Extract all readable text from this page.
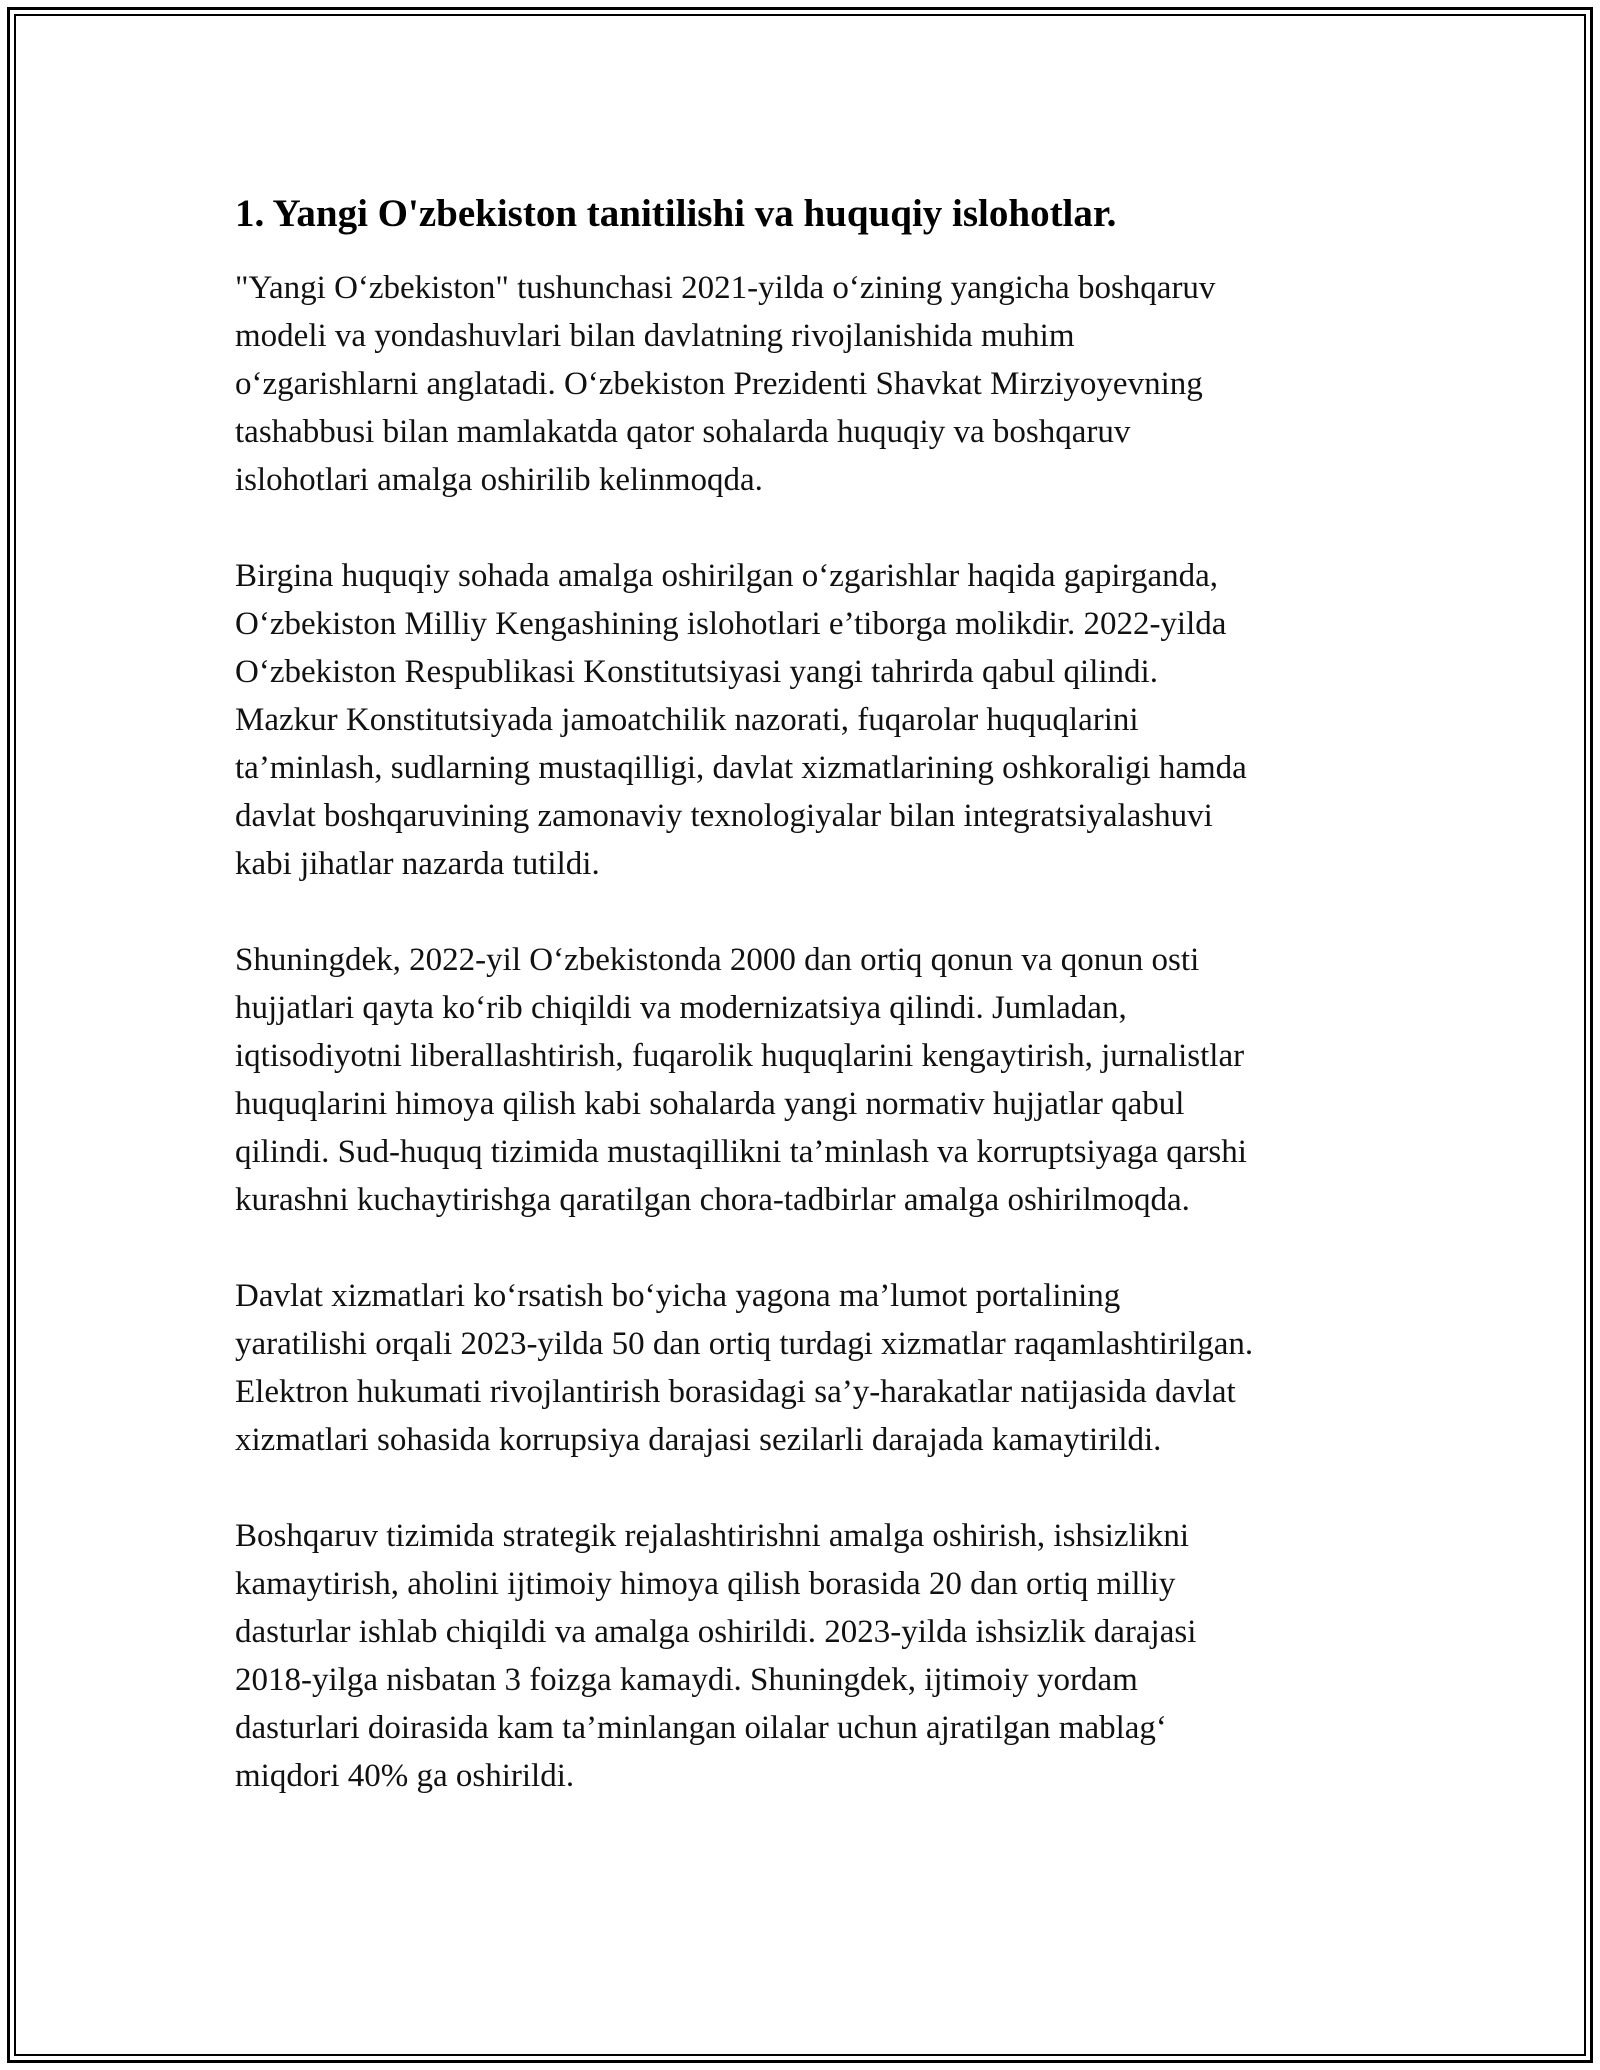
1. Yangi O'zbekiston tanitilishi va huquqiy islohotlar.

"Yangi O‘zbekiston" tushunchasi 2021-yilda o‘zining yangicha boshqaruv
modeli va yondashuvlari bilan davlatning rivojlanishida muhim
o‘zgarishlarni anglatadi. O‘zbekiston Prezidenti Shavkat Mirziyoyevning
tashabbusi bilan mamlakatda qator sohalarda huquqiy va boshqaruv
islohotlari amalga oshirilib kelinmoqda.

Birgina huquqiy sohada amalga oshirilgan o‘zgarishlar haqida gapirganda,
O‘zbekiston Milliy Kengashining islohotlari e’tiborga molikdir. 2022-yilda
O‘zbekiston Respublikasi Konstitutsiyasi yangi tahrirda qabul qilindi.
Mazkur Konstitutsiyada jamoatchilik nazorati, fuqarolar huquqlarini
ta’minlash, sudlarning mustaqilligi, davlat xizmatlarining oshkoraligi hamda
davlat boshqaruvining zamonaviy texnologiyalar bilan integratsiyalashuvi
kabi jihatlar nazarda tutildi.

Shuningdek, 2022-yil O‘zbekistonda 2000 dan ortiq qonun va qonun osti
hujjatlari qayta ko‘rib chiqildi va modernizatsiya qilindi. Jumladan,
iqtisodiyotni liberallashtirish, fuqarolik huquqlarini kengaytirish, jurnalistlar
huquqlarini himoya qilish kabi sohalarda yangi normativ hujjatlar qabul
qilindi. Sud-huquq tizimida mustaqillikni ta’minlash va korruptsiyaga qarshi
kurashni kuchaytirishga qaratilgan chora-tadbirlar amalga oshirilmoqda.

Davlat xizmatlari ko‘rsatish bo‘yicha yagona ma’lumot portalining
yaratilishi orqali 2023-yilda 50 dan ortiq turdagi xizmatlar raqamlashtirilgan.
Elektron hukumati rivojlantirish borasidagi sa’y-harakatlar natijasida davlat
xizmatlari sohasida korrupsiya darajasi sezilarli darajada kamaytirildi.

Boshqaruv tizimida strategik rejalashtirishni amalga oshirish, ishsizlikni
kamaytirish, aholini ijtimoiy himoya qilish borasida 20 dan ortiq milliy
dasturlar ishlab chiqildi va amalga oshirildi. 2023-yilda ishsizlik darajasi
2018-yilga nisbatan 3 foizga kamaydi. Shuningdek, ijtimoiy yordam
dasturlari doirasida kam ta’minlangan oilalar uchun ajratilgan mablag‘
miqdori 40% ga oshirildi.
